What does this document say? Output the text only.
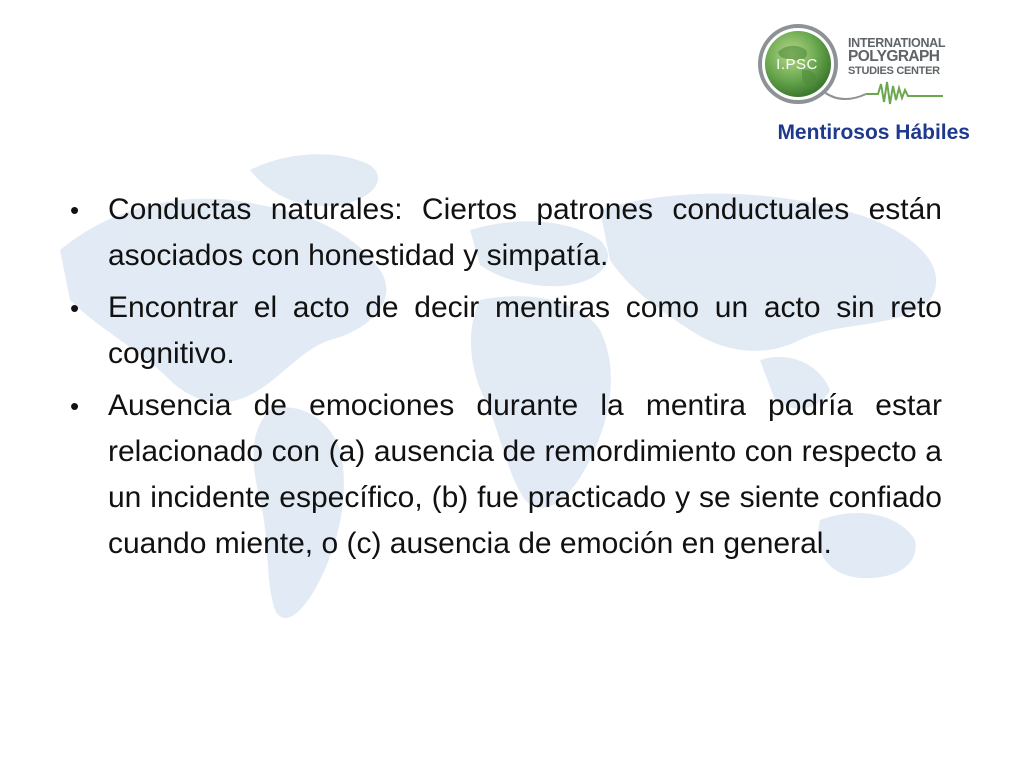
I.PSC
INTERNATIONAL
POLYGRAPH
STUDIES CENTER
Mentirosos Hábiles
• Conductas naturales: Ciertos patrones conductuales están asociados con honestidad y simpatía.
• Encontrar el acto de decir mentiras como un acto sin reto cognitivo.
• Ausencia de emociones durante la mentira podría estar relacionado con (a) ausencia de remordimiento con respecto a un incidente específico, (b) fue practicado y se siente confiado cuando miente, o (c) ausencia de emoción en general.
